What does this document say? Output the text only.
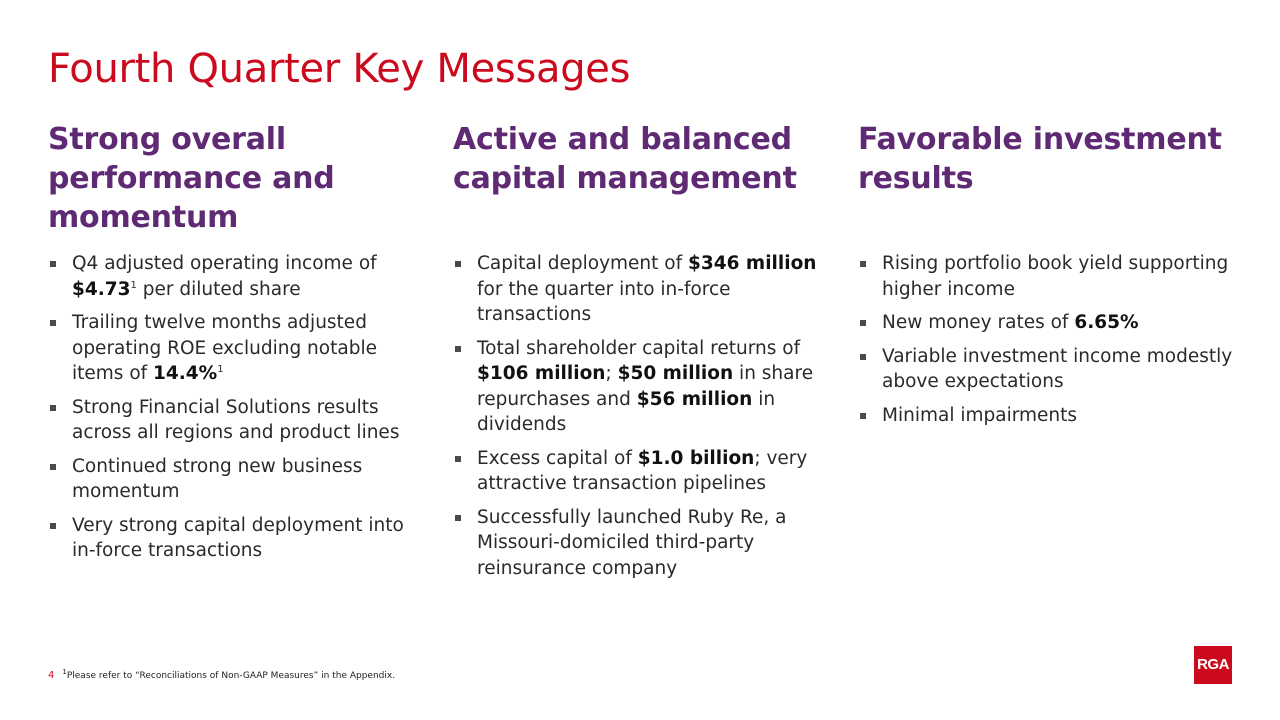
Fourth Quarter Key Messages
Strong overall performance and momentum
Q4 adjusted operating income of $4.73$^1$ per diluted share
Trailing twelve months adjusted operating ROE excluding notable items of 14.4%$^1$
Strong Financial Solutions results across all regions and product lines
Continued strong new business momentum
Very strong capital deployment into in-force transactions
Active and balanced capital management
Capital deployment of $346 million for the quarter into in-force transactions
Total shareholder capital returns of $106 million; $50 million in share repurchases and $56 million in dividends
Excess capital of $1.0 billion; very attractive transaction pipelines
Successfully launched Ruby Re, a Missouri-domiciled third-party reinsurance company
Favorable investment results
Rising portfolio book yield supporting higher income
New money rates of 6.65%
Variable investment income modestly above expectations
Minimal impairments
4 $^1$Please refer to “Reconciliations of Non-GAAP Measures” in the Appendix.
RGA
